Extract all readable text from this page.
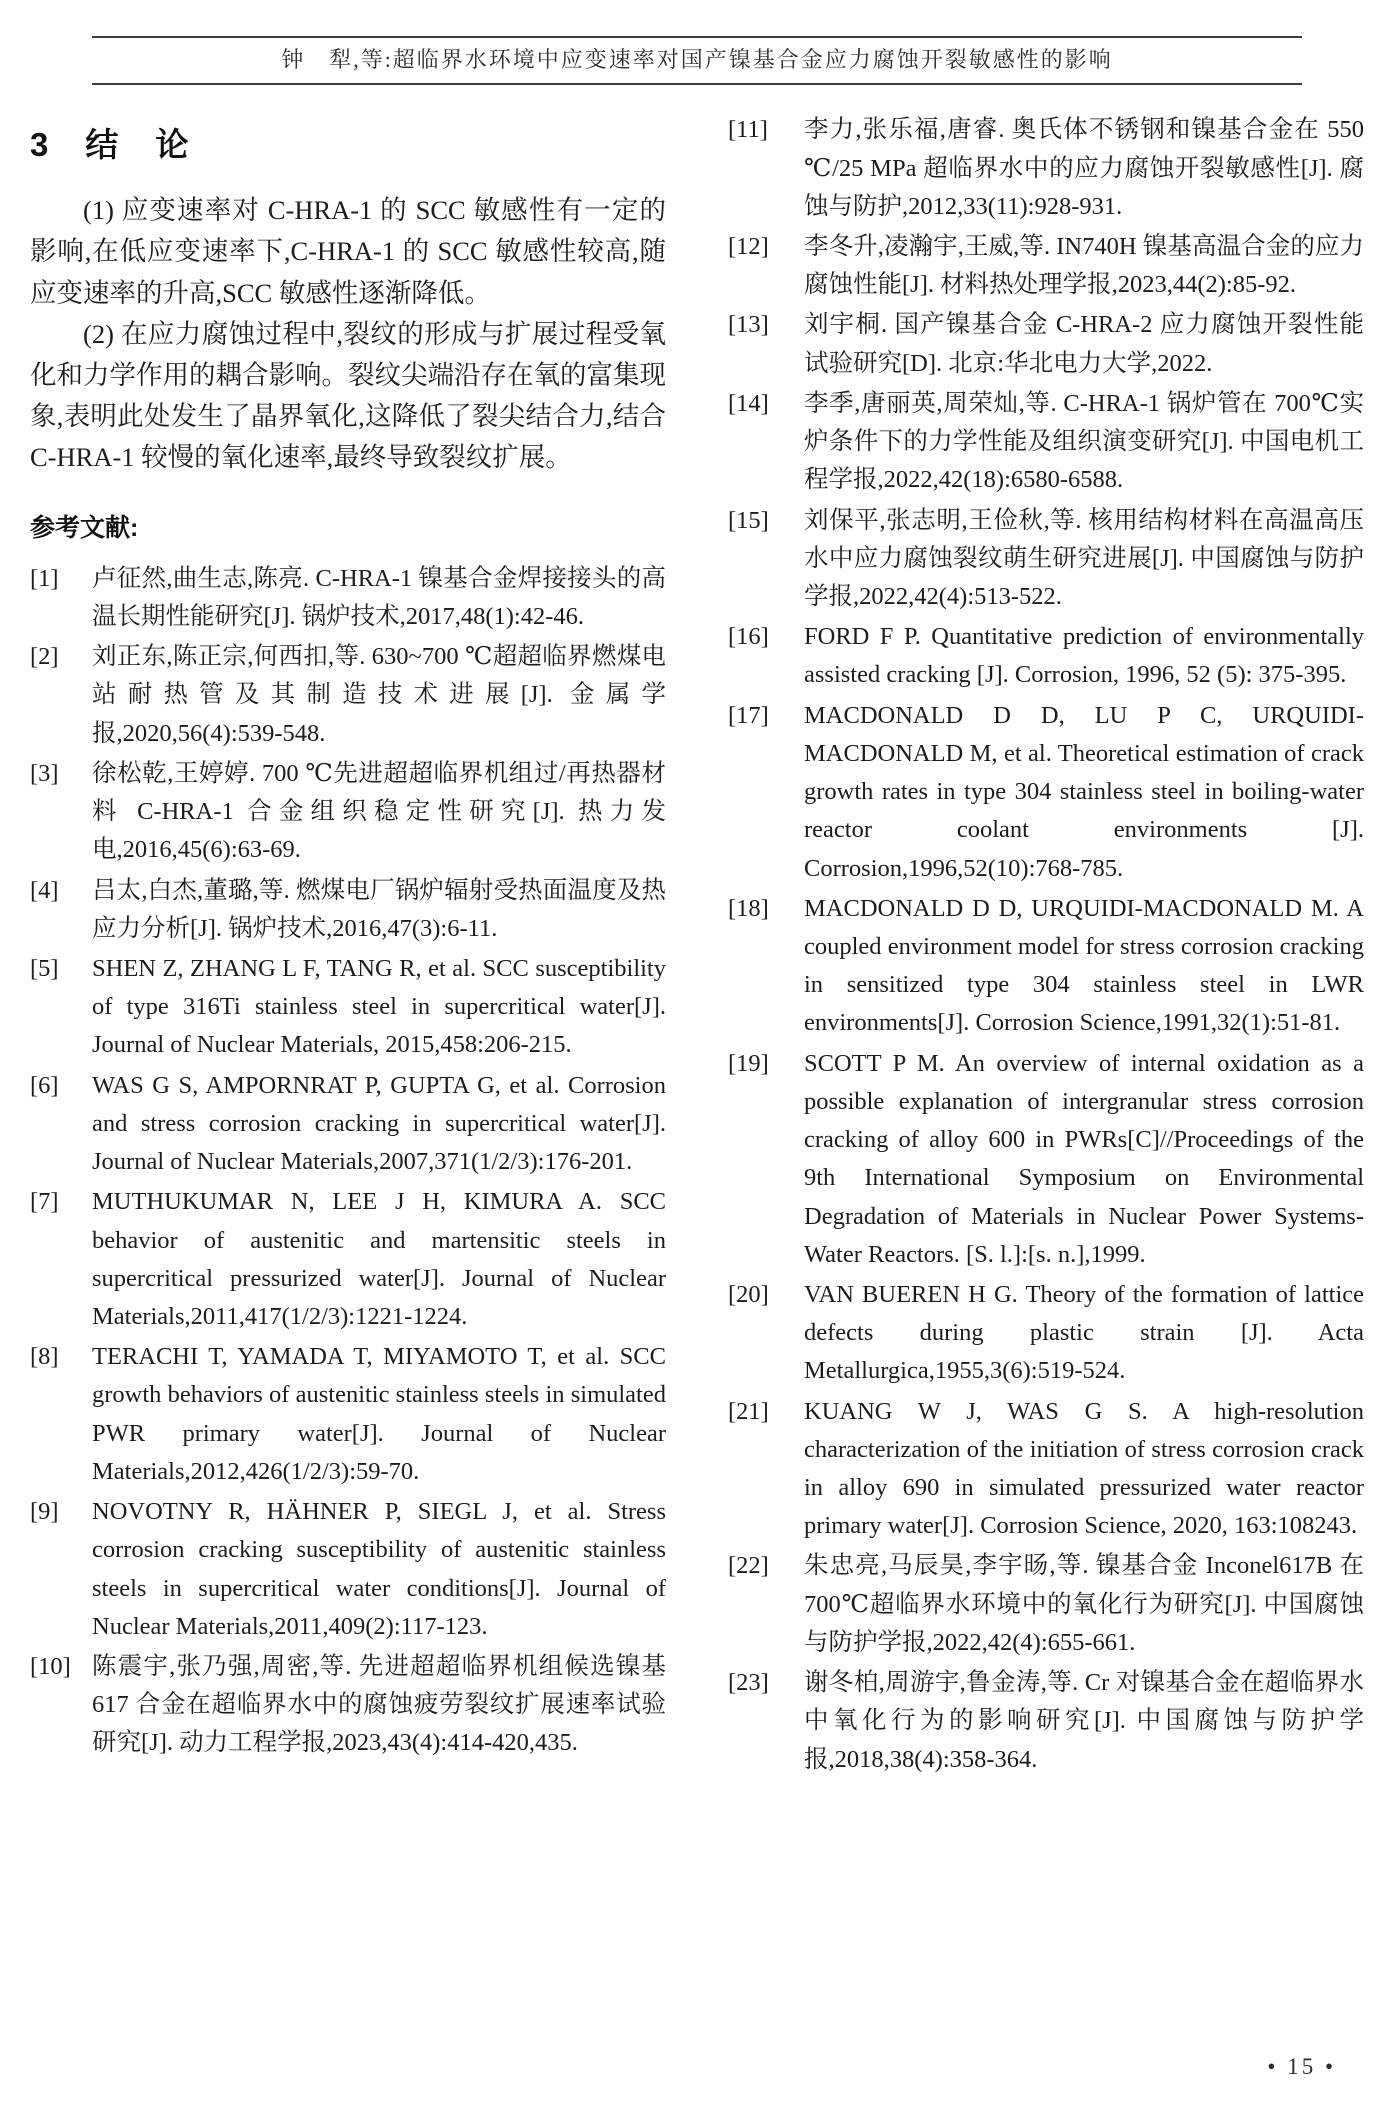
钟　犁,等:超临界水环境中应变速率对国产镍基合金应力腐蚀开裂敏感性的影响
3　结　论

(1) 应变速率对 C-HRA-1 的 SCC 敏感性有一定的影响,在低应变速率下,C-HRA-1 的 SCC 敏感性较高,随应变速率的升高,SCC 敏感性逐渐降低。

(2) 在应力腐蚀过程中,裂纹的形成与扩展过程受氧化和力学作用的耦合影响。裂纹尖端沿存在氧的富集现象,表明此处发生了晶界氧化,这降低了裂尖结合力,结合 C-HRA-1 较慢的氧化速率,最终导致裂纹扩展。

参考文献:
[1]	卢征然,曲生志,陈亮. C-HRA-1 镍基合金焊接接头的高温长期性能研究[J]. 锅炉技术,2017,48(1):42-46.
[2]	刘正东,陈正宗,何西扣,等. 630~700 ℃超超临界燃煤电站耐热管及其制造技术进展[J]. 金属学报,2020,56(4):539-548.
[3]	徐松乾,王婷婷. 700 ℃先进超超临界机组过/再热器材料 C-HRA-1 合金组织稳定性研究[J]. 热力发电,2016,45(6):63-69.
[4]	吕太,白杰,董璐,等. 燃煤电厂锅炉辐射受热面温度及热应力分析[J]. 锅炉技术,2016,47(3):6-11.
[5]	SHEN Z, ZHANG L F, TANG R, et al. SCC susceptibility of type 316Ti stainless steel in supercritical water[J]. Journal of Nuclear Materials, 2015,458:206-215.
[6]	WAS G S, AMPORNRAT P, GUPTA G, et al. Corrosion and stress corrosion cracking in supercritical water[J]. Journal of Nuclear Materials,2007,371(1/2/3):176-201.
[7]	MUTHUKUMAR N, LEE J H, KIMURA A. SCC behavior of austenitic and martensitic steels in supercritical pressurized water[J]. Journal of Nuclear Materials,2011,417(1/2/3):1221-1224.
[8]	TERACHI T, YAMADA T, MIYAMOTO T, et al. SCC growth behaviors of austenitic stainless steels in simulated PWR primary water[J]. Journal of Nuclear Materials,2012,426(1/2/3):59-70.
[9]	NOVOTNY R, HÄHNER P, SIEGL J, et al. Stress corrosion cracking susceptibility of austenitic stainless steels in supercritical water conditions[J]. Journal of Nuclear Materials,2011,409(2):117-123.
[10] 陈震宇,张乃强,周密,等. 先进超超临界机组候选镍基 617 合金在超临界水中的腐蚀疲劳裂纹扩展速率试验研究[J]. 动力工程学报,2023,43(4):414-420,435.
[11]	李力,张乐福,唐睿. 奥氏体不锈钢和镍基合金在 550 ℃/25 MPa 超临界水中的应力腐蚀开裂敏感性[J]. 腐蚀与防护,2012,33(11):928-931.
[12]	李冬升,凌瀚宇,王威,等. IN740H 镍基高温合金的应力腐蚀性能[J]. 材料热处理学报,2023,44(2):85-92.
[13]	刘宇桐. 国产镍基合金 C-HRA-2 应力腐蚀开裂性能试验研究[D]. 北京:华北电力大学,2022.
[14]	李季,唐丽英,周荣灿,等. C-HRA-1 锅炉管在 700℃实炉条件下的力学性能及组织演变研究[J]. 中国电机工程学报,2022,42(18):6580-6588.
[15]	刘保平,张志明,王俭秋,等. 核用结构材料在高温高压水中应力腐蚀裂纹萌生研究进展[J]. 中国腐蚀与防护学报,2022,42(4):513-522.
[16]	FORD F P. Quantitative prediction of environmentally assisted cracking [J]. Corrosion, 1996, 52 (5): 375-395.
[17]	MACDONALD D D, LU P C, URQUIDI-MACDONALD M, et al. Theoretical estimation of crack growth rates in type 304 stainless steel in boiling-water reactor coolant environments [J]. Corrosion,1996,52(10):768-785.
[18]	MACDONALD D D, URQUIDI-MACDONALD M. A coupled environment model for stress corrosion cracking in sensitized type 304 stainless steel in LWR environments[J]. Corrosion Science,1991,32(1):51-81.
[19]	SCOTT P M. An overview of internal oxidation as a possible explanation of intergranular stress corrosion cracking of alloy 600 in PWRs[C]//Proceedings of the 9th International Symposium on Environmental Degradation of Materials in Nuclear Power Systems-Water Reactors. [S. l.]:[s. n.],1999.
[20]	VAN BUEREN H G. Theory of the formation of lattice defects during plastic strain [J]. Acta Metallurgica,1955,3(6):519-524.
[21]	KUANG W J, WAS G S. A high-resolution characterization of the initiation of stress corrosion crack in alloy 690 in simulated pressurized water reactor primary water[J]. Corrosion Science, 2020, 163:108243.
[22]	朱忠亮,马辰昊,李宇旸,等. 镍基合金 Inconel617B 在 700℃超临界水环境中的氧化行为研究[J]. 中国腐蚀与防护学报,2022,42(4):655-661.
[23]	谢冬柏,周游宇,鲁金涛,等. Cr 对镍基合金在超临界水中氧化行为的影响研究[J]. 中国腐蚀与防护学报,2018,38(4):358-364.
• 15 •
